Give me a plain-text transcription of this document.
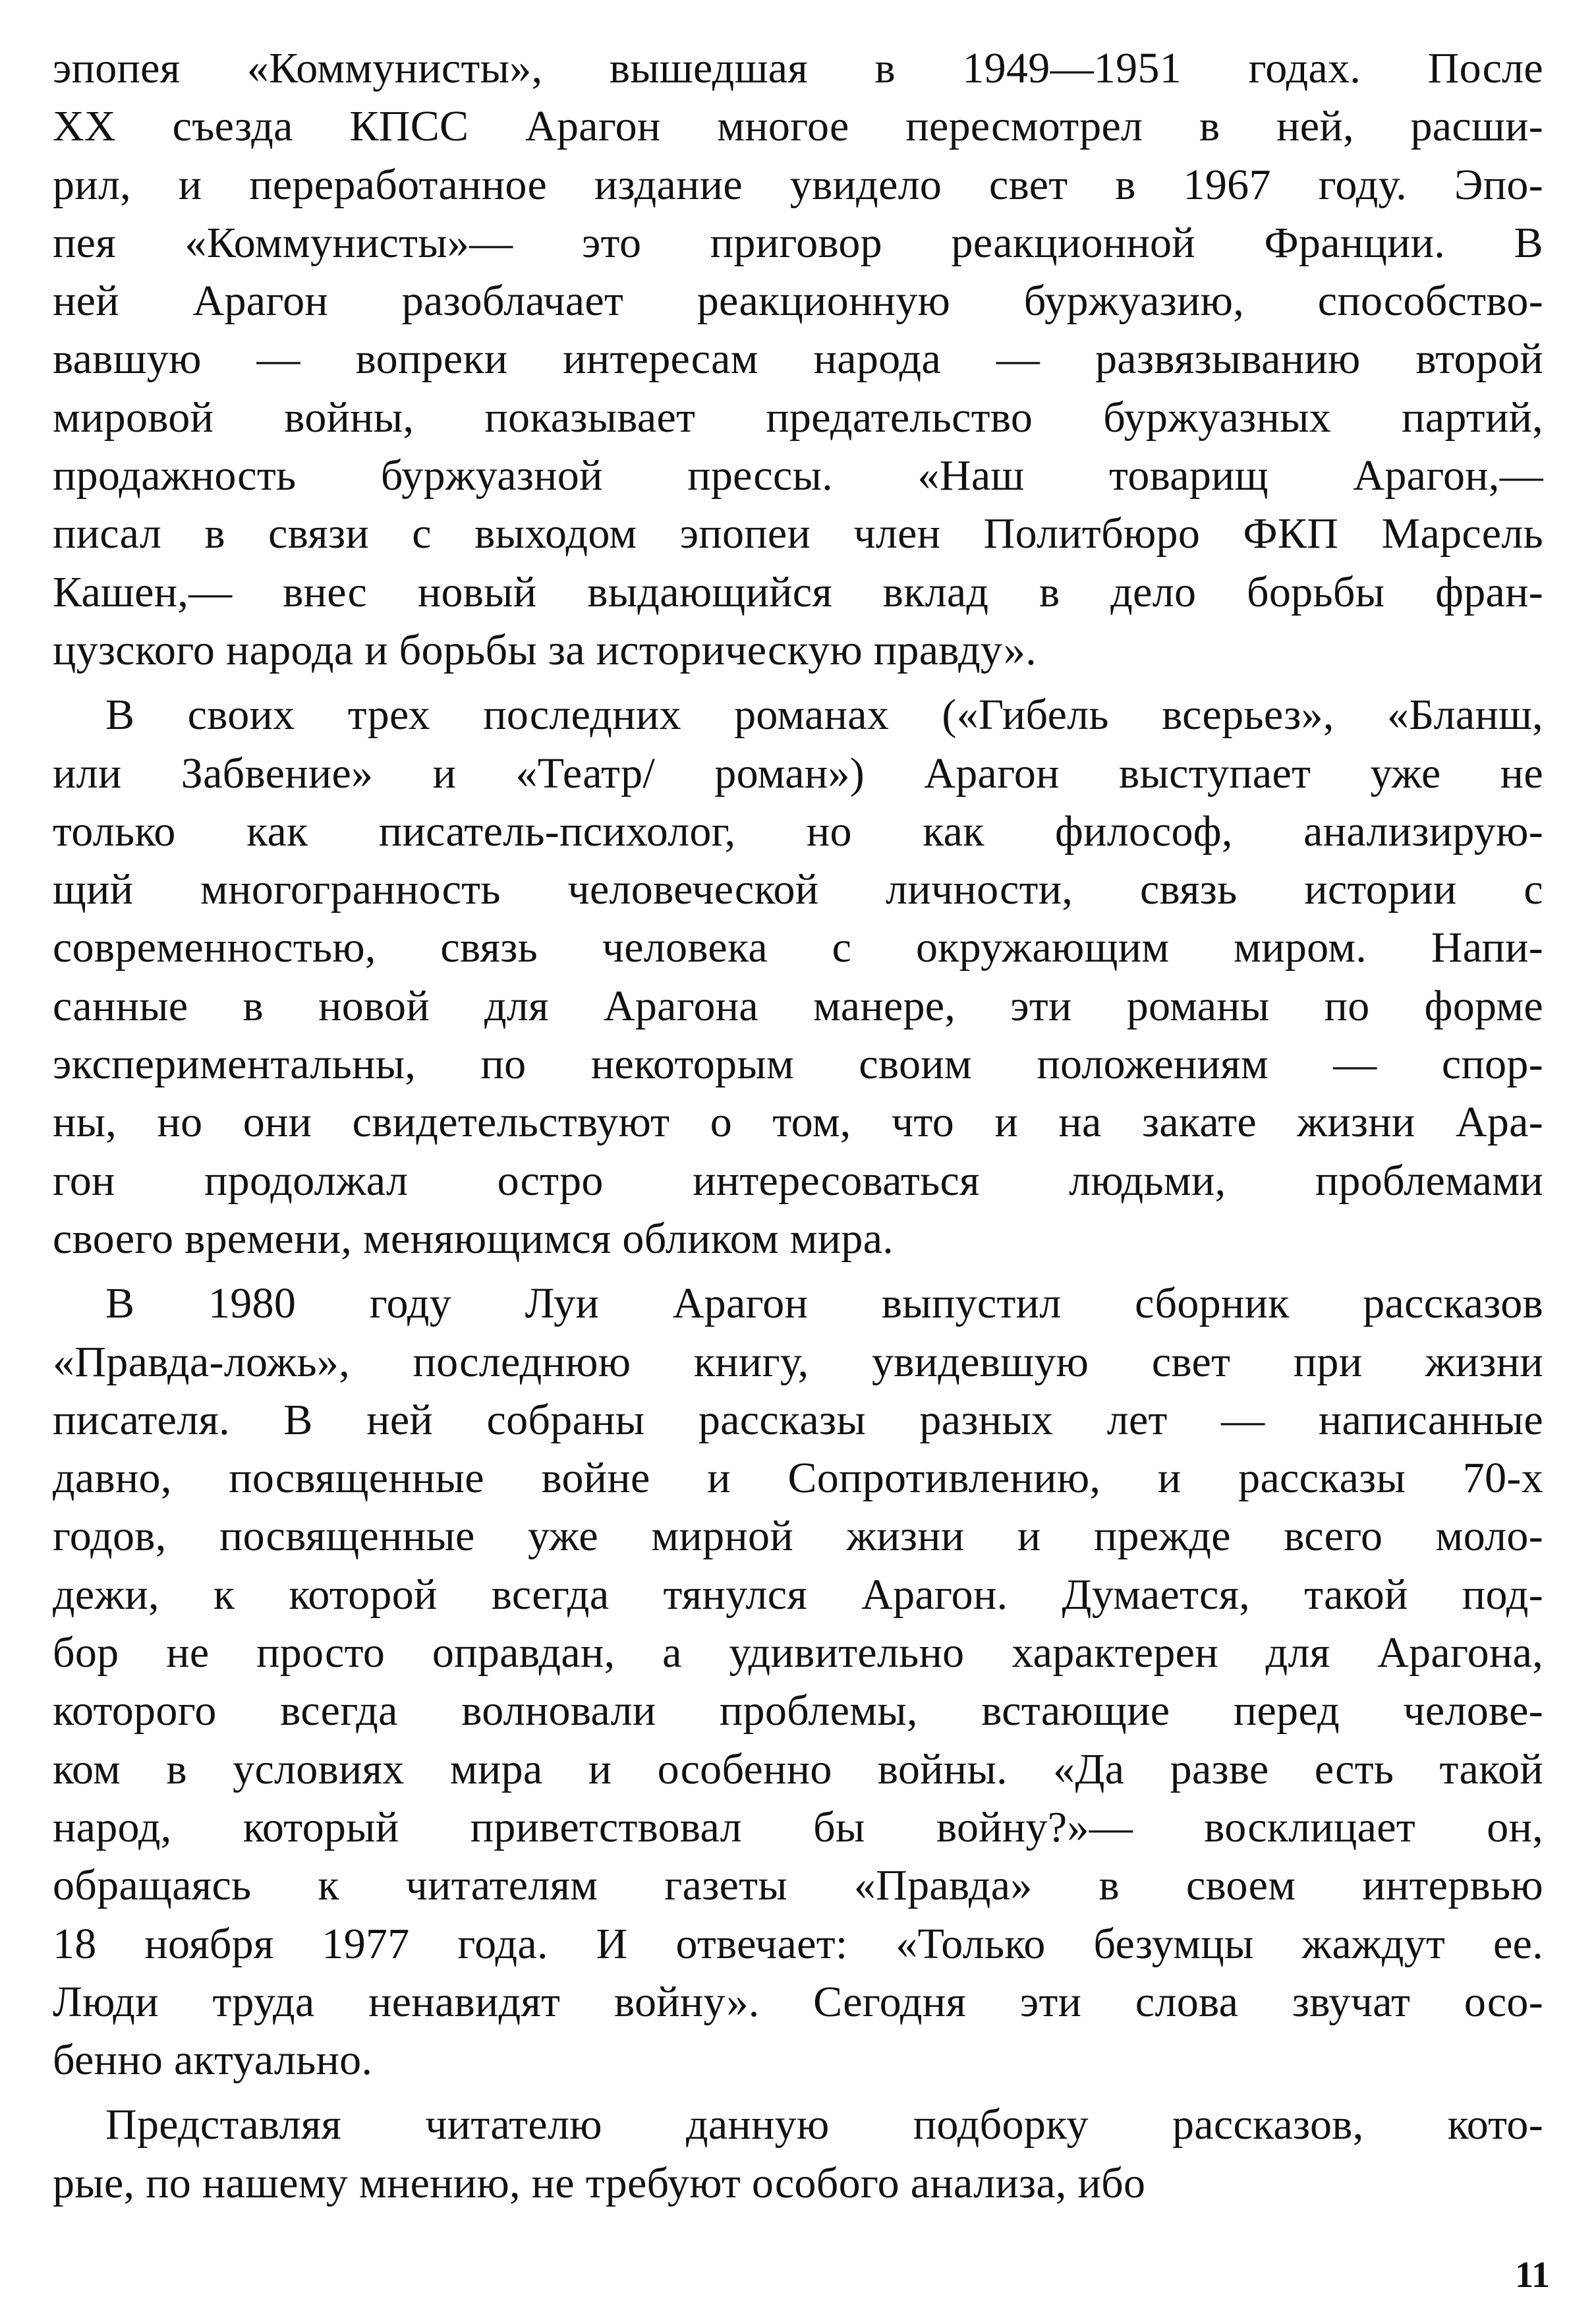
эпопея «Коммунисты», вышедшая в 1949—1951 годах. После
XX съезда КПСС Арагон многое пересмотрел в ней, расши-
рил, и переработанное издание увидело свет в 1967 году. Эпо-
пея «Коммунисты»— это приговор реакционной Франции. В
ней Арагон разоблачает реакционную буржуазию, способство-
вавшую — вопреки интересам народа — развязыванию второй
мировой войны, показывает предательство буржуазных партий,
продажность буржуазной прессы. «Наш товарищ Арагон,—
писал в связи с выходом эпопеи член Политбюро ФКП Марсель
Кашен,— внес новый выдающийся вклад в дело борьбы фран-
цузского народа и борьбы за историческую правду».
В своих трех последних романах («Гибель всерьез», «Бланш,
или Забвение» и «Театр/ роман») Арагон выступает уже не
только как писатель-психолог, но как философ, анализирую-
щий многогранность человеческой личности, связь истории с
современностью, связь человека с окружающим миром. Напи-
санные в новой для Арагона манере, эти романы по форме
экспериментальны, по некоторым своим положениям — спор-
ны, но они свидетельствуют о том, что и на закате жизни Ара-
гон продолжал остро интересоваться людьми, проблемами
своего времени, меняющимся обликом мира.
В 1980 году Луи Арагон выпустил сборник рассказов
«Правда-ложь», последнюю книгу, увидевшую свет при жизни
писателя. В ней собраны рассказы разных лет — написанные
давно, посвященные войне и Сопротивлению, и рассказы 70-х
годов, посвященные уже мирной жизни и прежде всего моло-
дежи, к которой всегда тянулся Арагон. Думается, такой под-
бор не просто оправдан, а удивительно характерен для Арагона,
которого всегда волновали проблемы, встающие перед челове-
ком в условиях мира и особенно войны. «Да разве есть такой
народ, который приветствовал бы войну?»— восклицает он,
обращаясь к читателям газеты «Правда» в своем интервью
18 ноября 1977 года. И отвечает: «Только безумцы жаждут ее.
Люди труда ненавидят войну». Сегодня эти слова звучат осо-
бенно актуально.
Представляя читателю данную подборку рассказов, кото-
рые, по нашему мнению, не требуют особого анализа, ибо
11
